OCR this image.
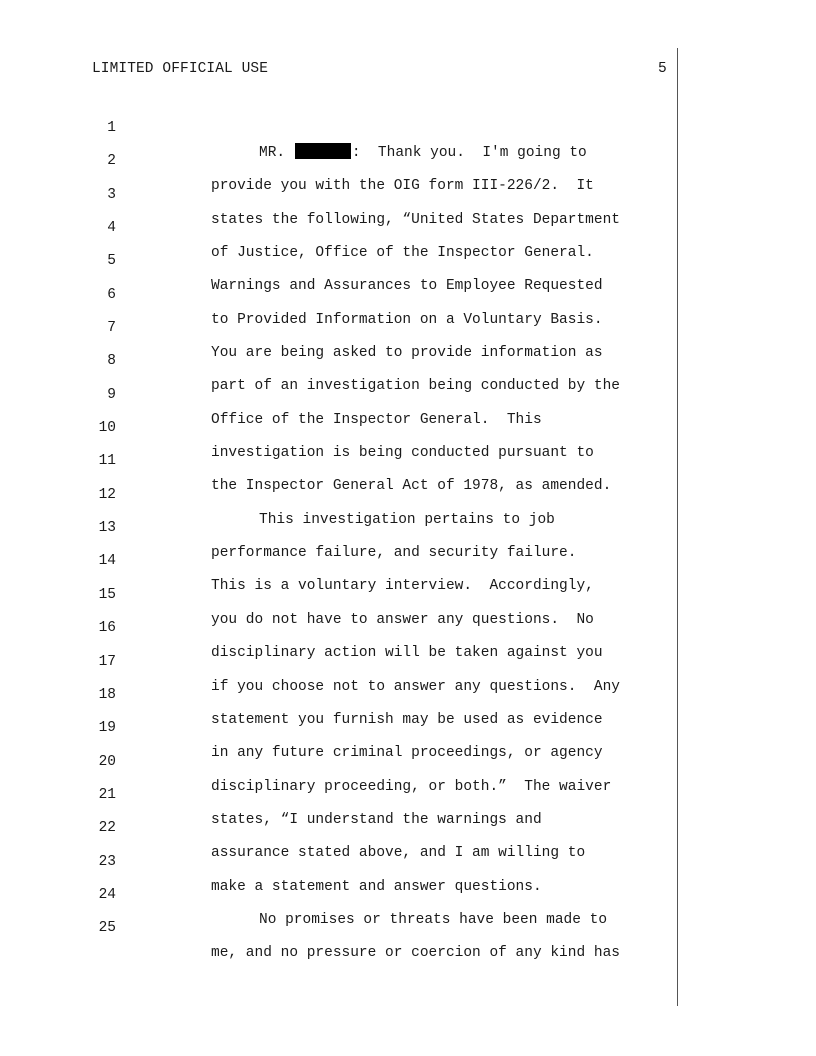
LIMITED OFFICIAL USE	5

1

MR.	:  Thank you.  I'm going to

2

provide you with the OIG form III-226/2.  It

3

states the following, “United States Department

4

of Justice, Office of the Inspector General.

5

Warnings and Assurances to Employee Requested

6

to Provided Information on a Voluntary Basis.

7

You are being asked to provide information as

8

part of an investigation being conducted by the

9

Office of the Inspector General.  This

10

investigation is being conducted pursuant to

11

the Inspector General Act of 1978, as amended.

12

This investigation pertains to job

13

performance failure, and security failure.

14

This is a voluntary interview.  Accordingly,

15

you do not have to answer any questions.  No

16

disciplinary action will be taken against you

17

if you choose not to answer any questions.  Any

18

statement you furnish may be used as evidence

19

in any future criminal proceedings, or agency

20

disciplinary proceeding, or both.”  The waiver

21

states, “I understand the warnings and

22

assurance stated above, and I am willing to

23

make a statement and answer questions.

24

No promises or threats have been made to

25

me, and no pressure or coercion of any kind has
